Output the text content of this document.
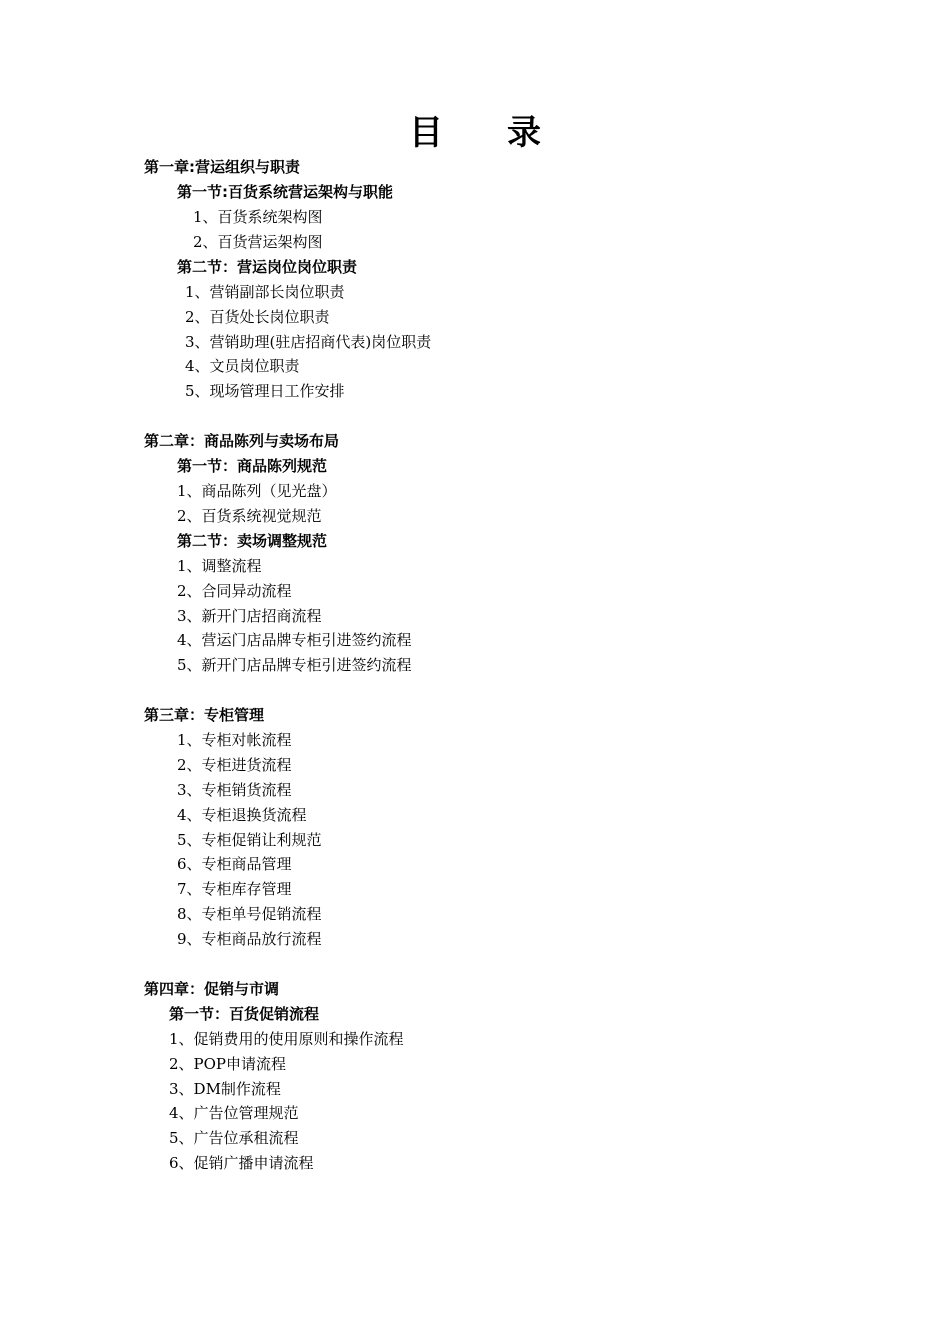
目录
第一章:营运组织与职责
第一节:百货系统营运架构与职能
1、百货系统架构图
2、百货营运架构图
第二节：营运岗位岗位职责
1、营销副部长岗位职责
2、百货处长岗位职责
3、营销助理(驻店招商代表)岗位职责
4、文员岗位职责
5、现场管理日工作安排
第二章：商品陈列与卖场布局
第一节：商品陈列规范
1、商品陈列（见光盘）
2、百货系统视觉规范
第二节：卖场调整规范
1、调整流程
2、合同异动流程
3、新开门店招商流程
4、营运门店品牌专柜引进签约流程
5、新开门店品牌专柜引进签约流程
第三章：专柜管理
1、专柜对帐流程
2、专柜进货流程
3、专柜销货流程
4、专柜退换货流程
5、专柜促销让利规范
6、专柜商品管理
7、专柜库存管理
8、专柜单号促销流程
9、专柜商品放行流程
第四章：促销与市调
第一节：百货促销流程
1、促销费用的使用原则和操作流程
2、POP申请流程
3、DM制作流程
4、广告位管理规范
5、广告位承租流程
6、促销广播申请流程
